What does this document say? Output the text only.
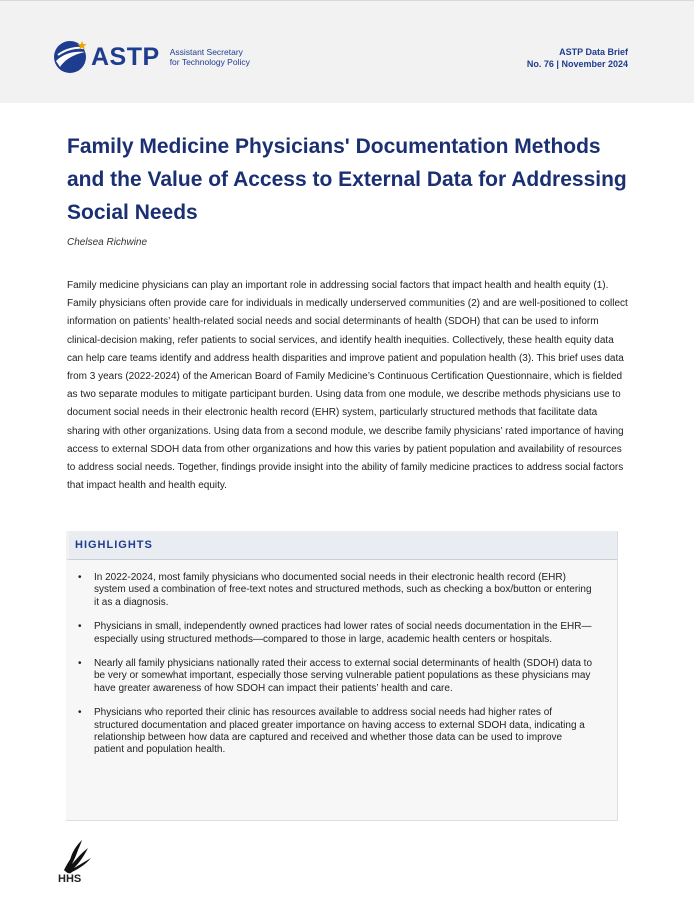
ASTP Assistant Secretary
for Technology Policy
ASTP Data Brief
No. 76 | November 2024
Family Medicine Physicians' Documentation Methods and the Value of Access to External Data for Addressing Social Needs
Chelsea Richwine

Family medicine physicians can play an important role in addressing social factors that impact health and health equity (1). Family physicians often provide care for individuals in medically underserved communities (2) and are well-positioned to collect information on patients’ health-related social needs and social determinants of health (SDOH) that can be used to inform clinical-decision making, refer patients to social services, and identify health inequities. Collectively, these health equity data can help care teams identify and address health disparities and improve patient and population health (3). This brief uses data from 3 years (2022-2024) of the American Board of Family Medicine’s Continuous Certification Questionnaire, which is fielded as two separate modules to mitigate participant burden. Using data from one module, we describe methods physicians use to document social needs in their electronic health record (EHR) system, particularly structured methods that facilitate data sharing with other organizations. Using data from a second module, we describe family physicians’ rated importance of having access to external SDOH data from other organizations and how this varies by patient population and availability of resources to address social needs. Together, findings provide insight into the ability of family medicine practices to address social factors that impact health and health equity.

HIGHLIGHTS
• In 2022-2024, most family physicians who documented social needs in their electronic health record (EHR) system used a combination of free-text notes and structured methods, such as checking a box/button or entering it as a diagnosis.
• Physicians in small, independently owned practices had lower rates of social needs documentation in the EHR—especially using structured methods—compared to those in large, academic health centers or hospitals.
• Nearly all family physicians nationally rated their access to external social determinants of health (SDOH) data to be very or somewhat important, especially those serving vulnerable patient populations as these physicians may have greater awareness of how SDOH can impact their patients’ health and care.
• Physicians who reported their clinic has resources available to address social needs had higher rates of structured documentation and placed greater importance on having access to external SDOH data, indicating a relationship between how data are captured and received and whether those data can be used to improve patient and population health.
HHS
